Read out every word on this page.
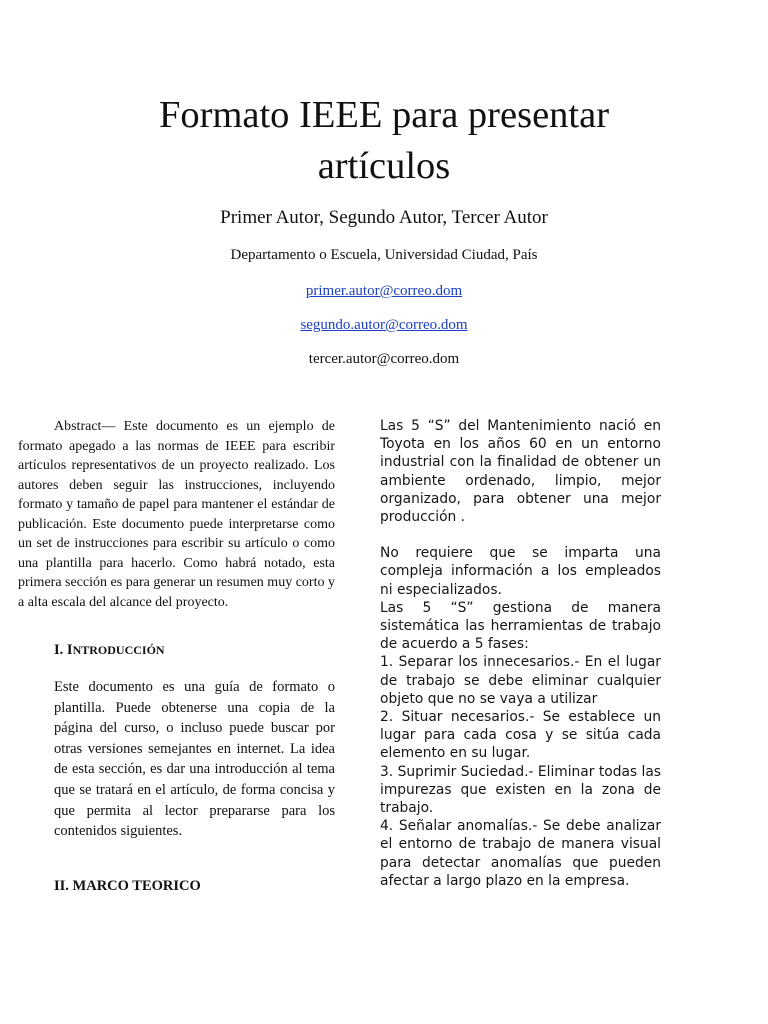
Formato IEEE para presentar
artículos
Primer Autor, Segundo Autor, Tercer Autor
Departamento o Escuela, Universidad Ciudad, País
primer.autor@correo.dom
segundo.autor@correo.dom
tercer.autor@correo.dom

Abstract— Este documento es un ejemplo de formato apegado a las normas de IEEE para escribir artículos representativos de un proyecto realizado. Los autores deben seguir las instrucciones, incluyendo formato y tamaño de papel para mantener el estándar de publicación. Este documento puede interpretarse como un set de instrucciones para escribir su artículo o como una plantilla para hacerlo. Como habrá notado, esta primera sección es para generar un resumen muy corto y a alta escala del alcance del proyecto.

I. INTRODUCCIÓN

Este documento es una guía de formato o plantilla. Puede obtenerse una copia de la página del curso, o incluso puede buscar por otras versiones semejantes en internet. La idea de esta sección, es dar una introducción al tema que se tratará en el artículo, de forma concisa y que permita al lector prepararse para los contenidos siguientes.

II. MARCO TEORICO

Las 5 “S” del Mantenimiento nació en Toyota en los años 60 en un entorno industrial con la finalidad de obtener un ambiente ordenado, limpio, mejor organizado, para obtener una mejor producción .

No requiere que se imparta una compleja información a los empleados ni especializados.

Las 5 “S” gestiona de manera sistemática las herramientas de trabajo de acuerdo a 5 fases:

1. Separar los innecesarios.- En el lugar de trabajo se debe eliminar cualquier objeto que no se vaya a utilizar

2. Situar necesarios.- Se establece un lugar para cada cosa y se sitúa cada elemento en su lugar.

3. Suprimir Suciedad.- Eliminar todas las impurezas que existen en la zona de trabajo.

4. Señalar anomalías.- Se debe analizar el entorno de trabajo de manera visual para detectar anomalías que pueden afectar a largo plazo en la empresa.
